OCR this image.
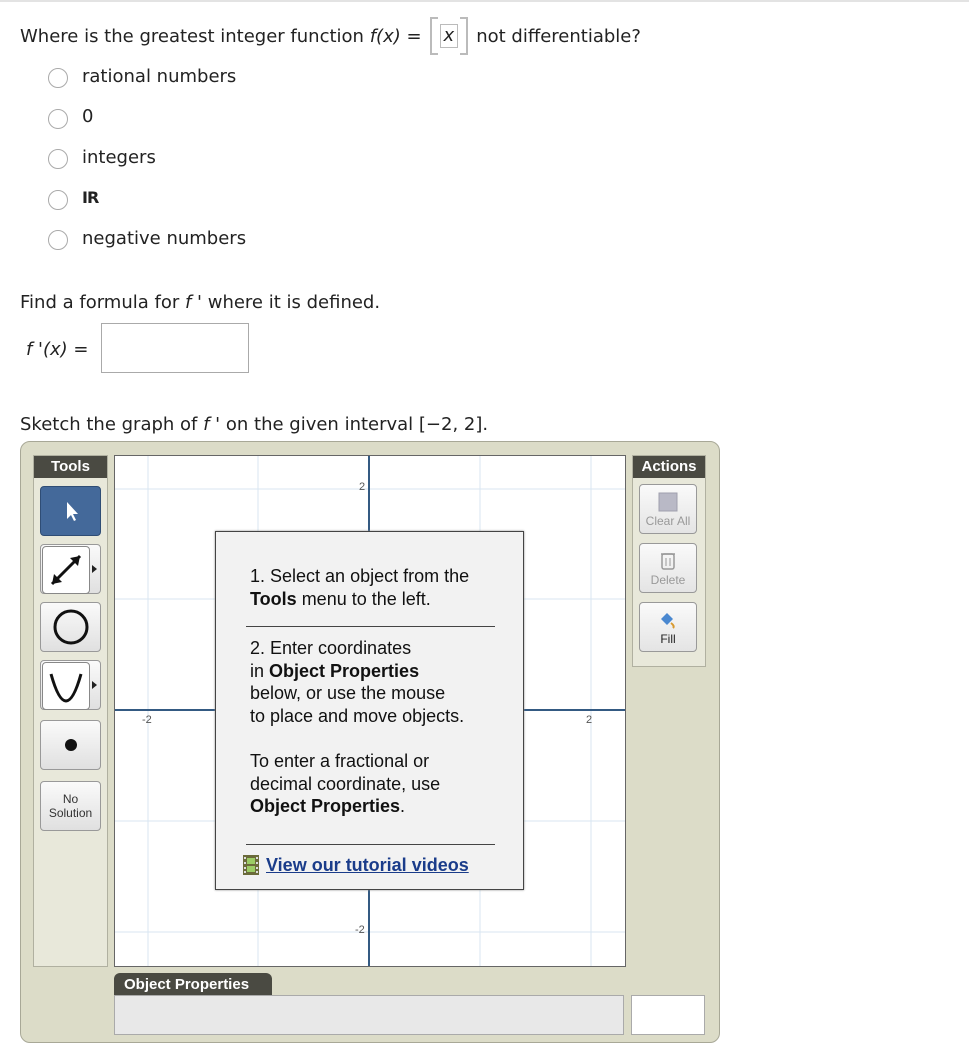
Where is the greatest integer function
f(x) = x not differentiable?
rational numbers
0
integers
IR
negative numbers
Find a formula for f ' where it is defined.
f '(x) =
Sketch the graph of f ' on the given interval [−2, 2].
Tools
No
Solution
2
-2
-2	2
1. Select an object from the
Tools menu to the left.
2. Enter coordinates
in Object Properties
below, or use the mouse
to place and move objects.
To enter a fractional or
decimal coordinate, use
Object Properties.
View our tutorial videos
Actions
Clear All
Delete
Fill
Object Properties
